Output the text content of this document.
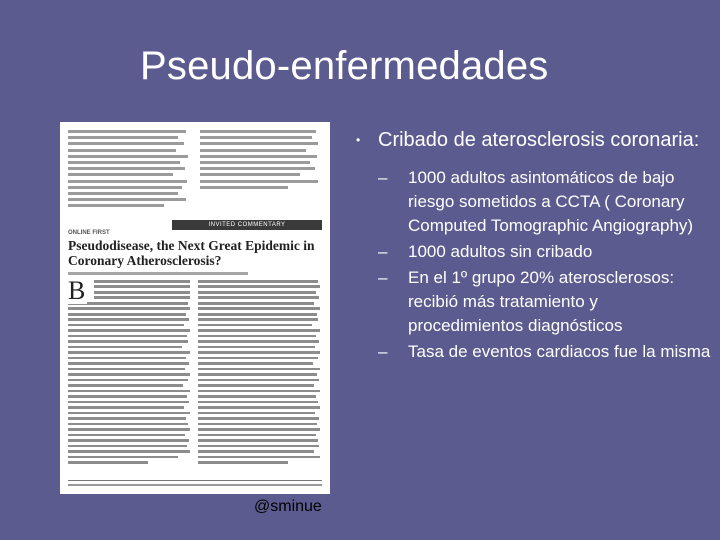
Pseudo-enfermedades
INVITED COMMENTARY
ONLINE FIRST
Pseudodisease, the Next Great Epidemic in Coronary Atherosclerosis?
B
@sminue
• Cribado de aterosclerosis coronaria:
– 1000 adultos asintomáticos de bajo riesgo sometidos a CCTA ( Coronary Computed Tomographic Angiography)
– 1000 adultos sin cribado
– En el 1º grupo 20% aterosclerosos: recibió más tratamiento y procedimientos diagnósticos
– Tasa de eventos cardiacos fue la misma
